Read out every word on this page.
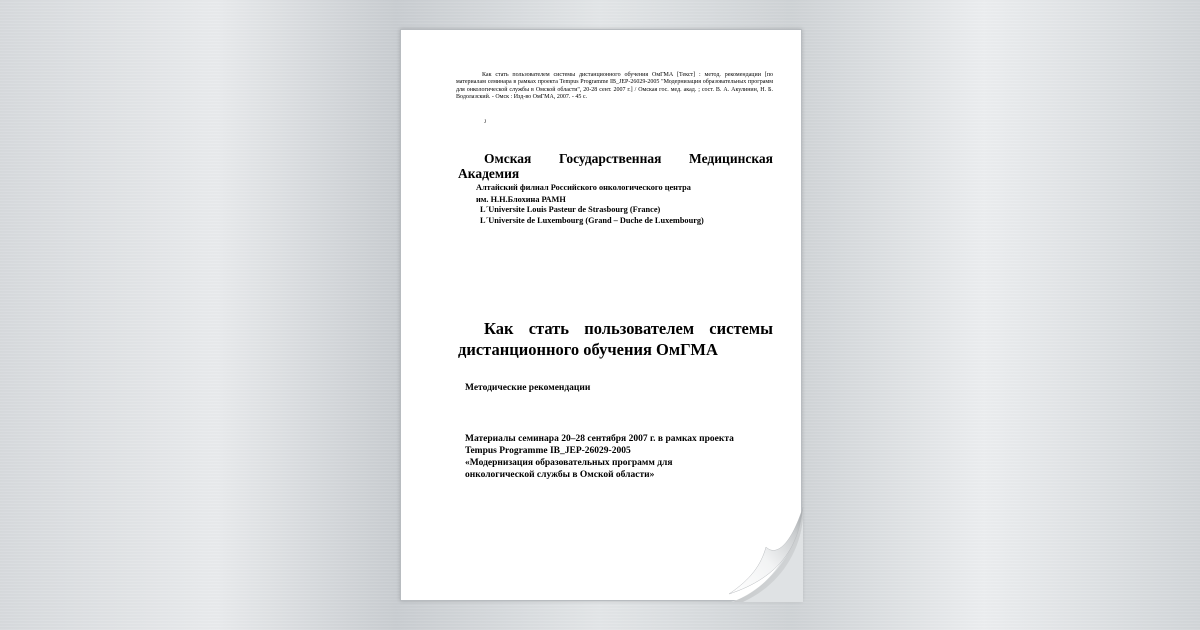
Как стать пользователем системы дистанционного обучения ОмГМА [Текст] : метод. рекомендации [по материалам семинара в рамках проекта Tempus Programme IB_JEP-26029-2005 "Модернизация образовательных программ для онкологической службы в Омской области", 20-28 сент. 2007 г.] / Омская гос. мед. акад. ; сост. В. А. Акулинин, Н. Б. Водолазский. - Омск : Изд-во ОмГМА, 2007. - 45 с.

J

Омская Государственная Медицинская Академия

Алтайский филиал Российского онкологического центра

им. Н.Н.Блохина РАМН

L´Universite Louis Pasteur de Strasbourg (France)

L´Universite de Luxembourg (Grand – Duche de Luxembourg)

Как стать пользователем системы дистанционного обучения ОмГМА

Методические рекомендации

Материалы семинара 20–28 сентября 2007 г. в рамках проекта
Tempus Programme IB_JEP-26029-2005
«Модернизация образовательных программ для
онкологической службы в Омской области»
